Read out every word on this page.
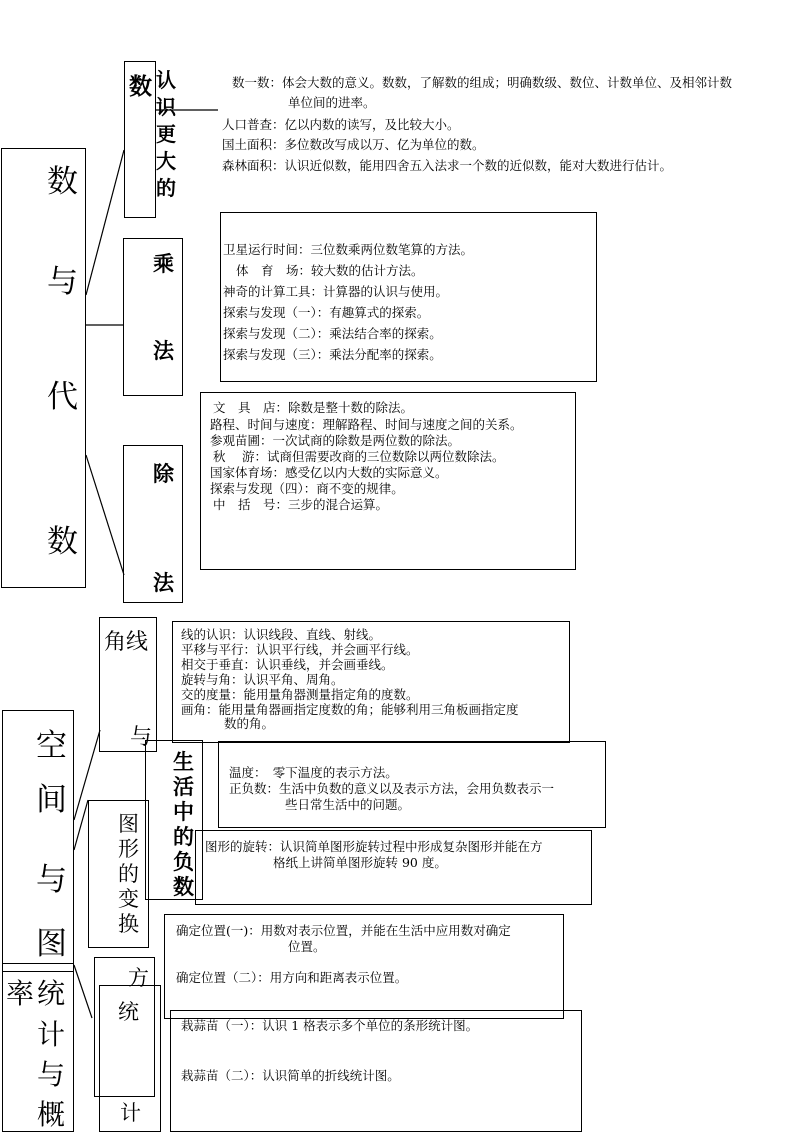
数
与
代
数
数 认
识
更
大
的
数一数：体会大数的意义。数数，了解数的组成；明确数级、数位、计数单位、及相邻计数
单位间的进率。
人口普查：亿以内数的读写，及比较大小。
国土面积：多位数改写成以万、亿为单位的数。
森林面积：认识近似数，能用四舍五入法求一个数的近似数，能对大数进行估计。
乘
法
卫星运行时间：三位数乘两位数笔算的方法。
体　育　场：较大数的估计方法。
神奇的计算工具：计算器的认识与使用。
探索与发现（一）：有趣算式的探索。
探索与发现（二）：乘法结合率的探索。
探索与发现（三）：乘法分配率的探索。
除
法
文　具　店：除数是整十数的除法。
路程、时间与速度：理解路程、时间与速度之间的关系。
参观苗圃：一次试商的除数是两位数的除法。
秋　 游：试商但需要改商的三位数除以两位数除法。
国家体育场：感受亿以内大数的实际意义。
探索与发现（四）：商不变的规律。
中　括　号：三步的混合运算。
空
间
与
图
角线
与
线的认识：认识线段、直线、射线。
平移与平行：认识平行线，并会画平行线。
相交于垂直：认识垂线，并会画垂线。
旋转与角：认识平角、周角。
交的度量：能用量角器测量指定角的度数。
画角：能用量角器画指定度数的角；能够利用三角板画指定度
数的角。
生
活
中
的
负
数
温度：　零下温度的表示方法。
正负数：生活中负数的意义以及表示方法，会用负数表示一
些日常生活中的问题。
图
形
的
变
换
图形的旋转：认识简单图形旋转过程中形成复杂图形并能在方
格纸上讲简单图形旋转 90 度。
方
确定位置(一)：用数对表示位置，并能在生活中应用数对确定
位置。
确定位置（二）：用方向和距离表示位置。
率 统
计
与
概
统
计
栽蒜苗（一）：认识 1 格表示多个单位的条形统计图。
栽蒜苗（二）：认识简单的折线统计图。
